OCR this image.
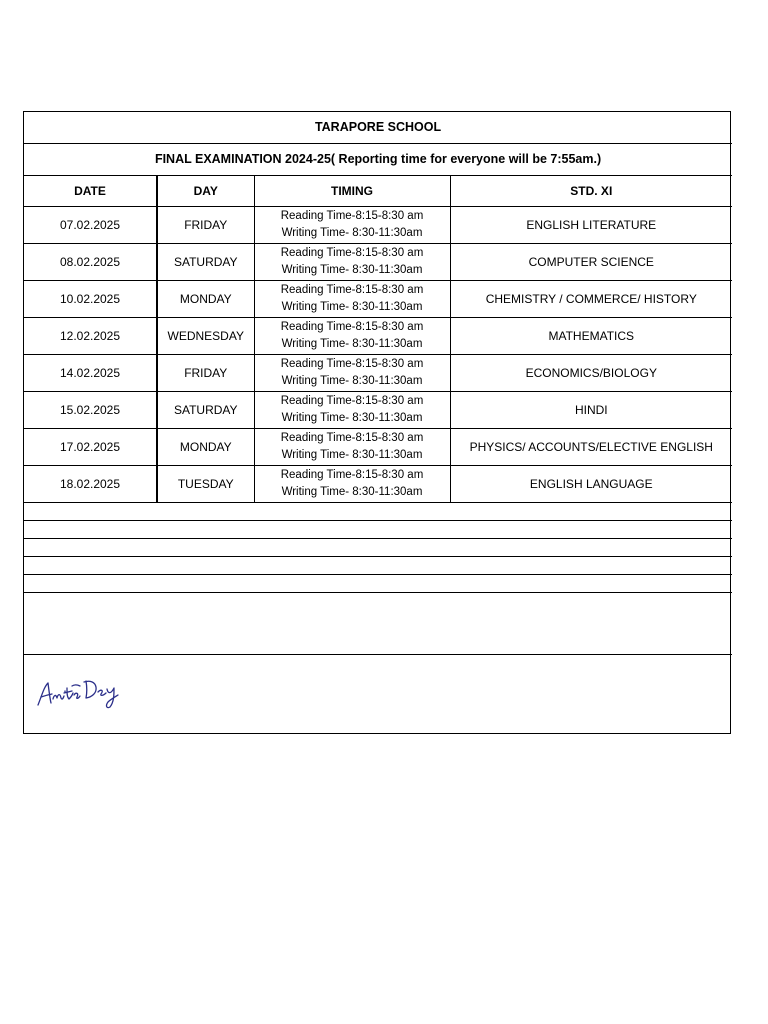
TARAPORE SCHOOL			
FINAL EXAMINATION 2024-25( Reporting time for everyone will be 7:55am.)			
DATE	DAY	TIMING	STD. XI
07.02.2025	FRIDAY	Reading Time-8:15-8:30 am
Writing Time- 8:30-11:30am	ENGLISH LITERATURE
08.02.2025	SATURDAY	Reading Time-8:15-8:30 am
Writing Time- 8:30-11:30am	COMPUTER SCIENCE
10.02.2025	MONDAY	Reading Time-8:15-8:30 am
Writing Time- 8:30-11:30am	CHEMISTRY / COMMERCE/ HISTORY
12.02.2025	WEDNESDAY	Reading Time-8:15-8:30 am
Writing Time- 8:30-11:30am	MATHEMATICS
14.02.2025	FRIDAY	Reading Time-8:15-8:30 am
Writing Time- 8:30-11:30am	ECONOMICS/BIOLOGY
15.02.2025	SATURDAY	Reading Time-8:15-8:30 am
Writing Time- 8:30-11:30am	HINDI
17.02.2025	MONDAY	Reading Time-8:15-8:30 am
Writing Time- 8:30-11:30am	PHYSICS/ ACCOUNTS/ELECTIVE ENGLISH
18.02.2025	TUESDAY	Reading Time-8:15-8:30 am
Writing Time- 8:30-11:30am	ENGLISH LANGUAGE
